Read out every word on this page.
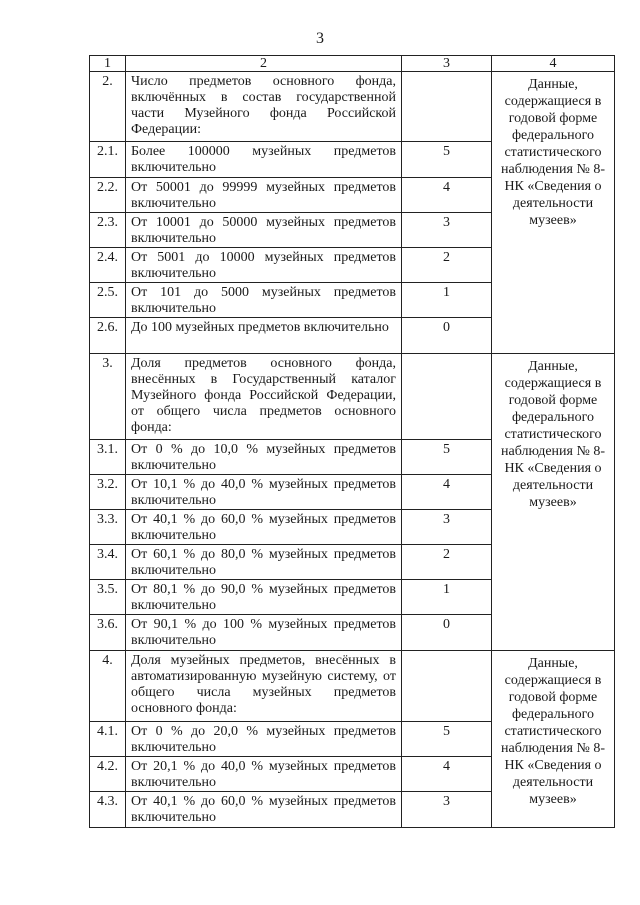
3
1	2	3	4
2.	Число предметов основного фонда, включённых в состав государственной части Музейного фонда Российской Федерации:		Данные, содержащиеся в годовой форме федерального статистического наблюдения № 8-НК «Сведения о деятельности музеев»
2.1.	Более 100000 музейных предметов включительно	5	
2.2.	От 50001 до 99999 музейных предметов включительно	4	
2.3.	От 10001 до 50000 музейных предметов включительно	3	
2.4.	От 5001 до 10000 музейных предметов включительно	2	
2.5.	От 101 до 5000 музейных предметов включительно	1	
2.6.	До 100 музейных предметов включительно	0	
3.	Доля предметов основного фонда, внесённых в Государственный каталог Музейного фонда Российской Федерации, от общего числа предметов основного фонда:		Данные, содержащиеся в годовой форме федерального статистического наблюдения № 8-НК «Сведения о деятельности музеев»
3.1.	От 0 % до 10,0 % музейных предметов включительно	5	
3.2.	От 10,1 % до 40,0 % музейных предметов включительно	4	
3.3.	От 40,1 % до 60,0 % музейных предметов включительно	3	
3.4.	От 60,1 % до 80,0 % музейных предметов включительно	2	
3.5.	От 80,1 % до 90,0 % музейных предметов включительно	1	
3.6.	От 90,1 % до 100 % музейных предметов включительно	0	
4.	Доля музейных предметов, внесённых в автоматизированную музейную систему, от общего числа музейных предметов основного фонда:		Данные, содержащиеся в годовой форме федерального статистического наблюдения № 8-НК «Сведения о деятельности музеев»
4.1.	От 0 % до 20,0 % музейных предметов включительно	5	
4.2.	От 20,1 % до 40,0 % музейных предметов включительно	4	
4.3.	От 40,1 % до 60,0 % музейных предметов включительно	3	
